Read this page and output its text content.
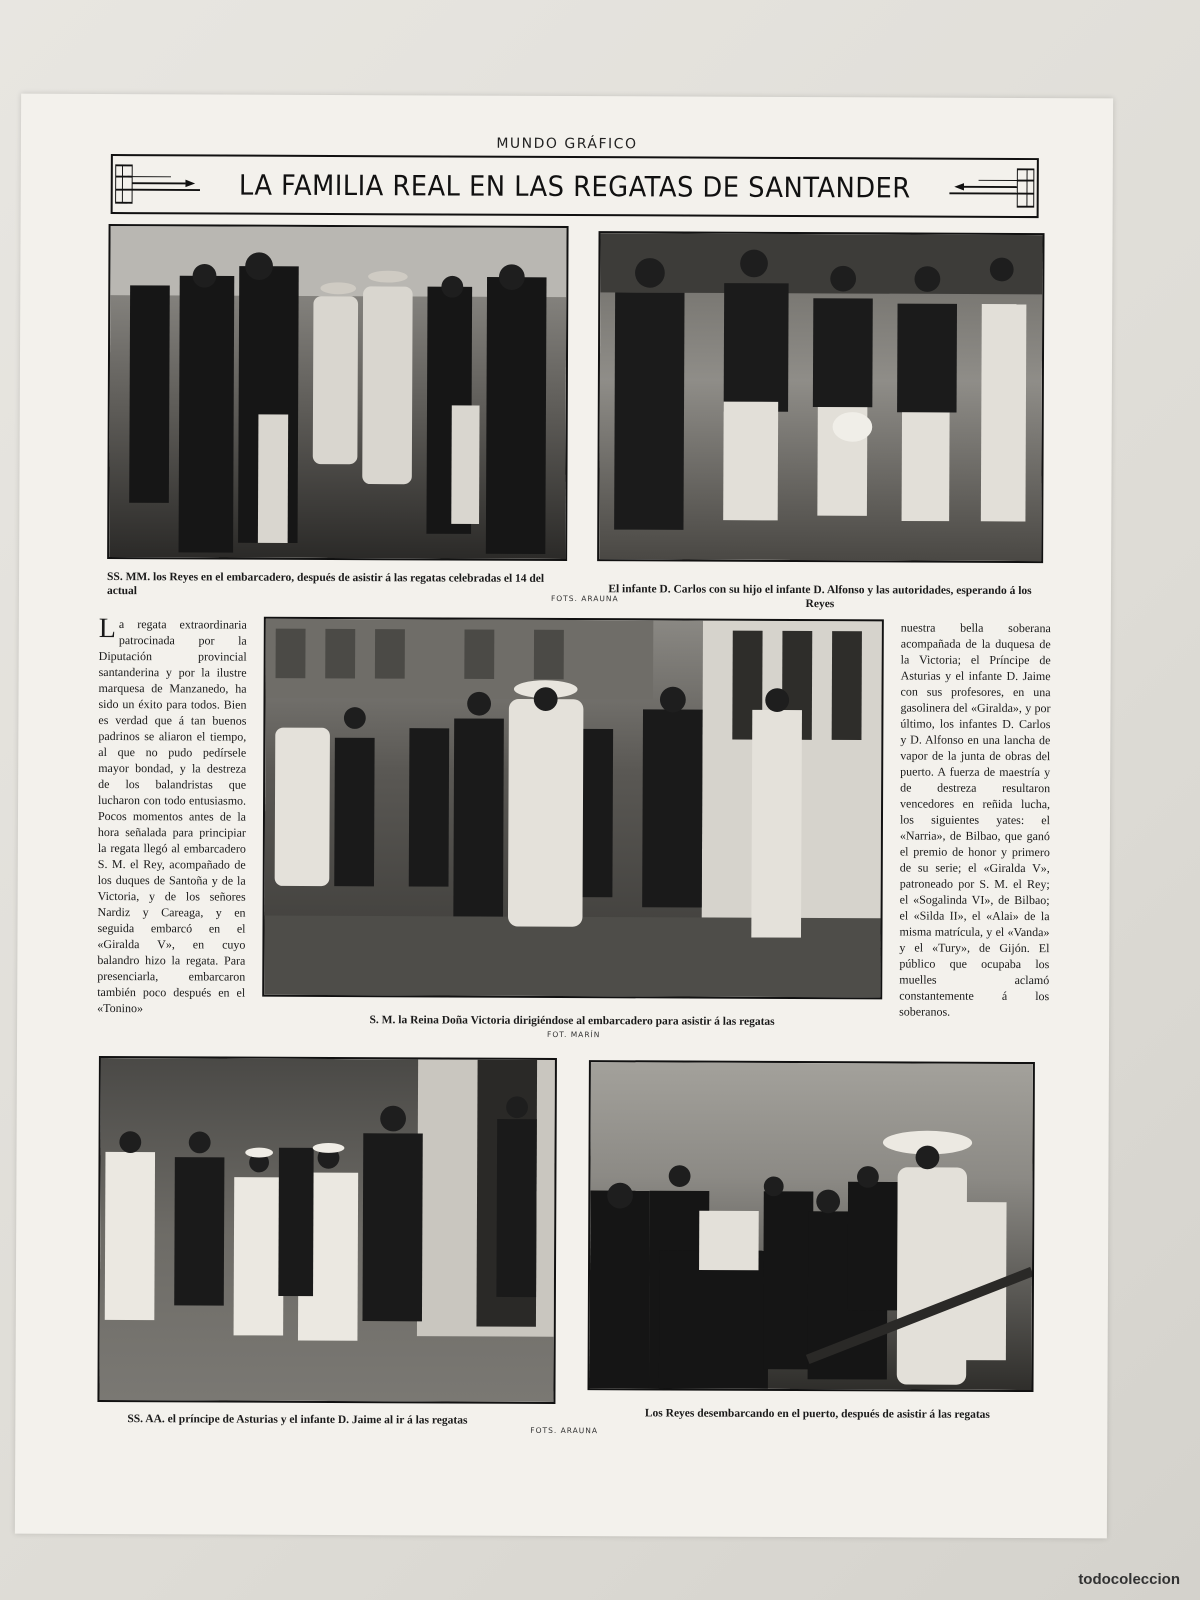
MUNDO GRÁFICO
LA FAMILIA REAL EN LAS REGATAS DE SANTANDER
SS. MM. los Reyes en el embarcadero, después de asistir á las regatas celebradas el 14 del actual
FOTS. ARAUNA
El infante D. Carlos con su hijo el infante D. Alfonso y las autoridades, esperando á los Reyes

La regata extraordinaria patrocinada por la Diputación provincial santanderina y por la ilustre marquesa de Manzanedo, ha sido un éxito para todos. Bien es verdad que á tan buenos padrinos se aliaron el tiempo, al que no pudo pedírsele mayor bondad, y la destreza de los balandristas que lucharon con todo entusiasmo. Pocos momentos antes de la hora señalada para principiar la regata llegó al embarcadero S. M. el Rey, acompañado de los duques de Santoña y de la Victoria, y de los señores Nardiz y Careaga, y en seguida embarcó en el «Giralda V», en cuyo balandro hizo la regata. Para presenciarla, embarcaron también poco después en el «Tonino»

nuestra bella soberana acompañada de la duquesa de la Victoria; el Príncipe de Asturias y el infante D. Jaime con sus profesores, en una gasolinera del «Giralda», y por último, los infantes D. Carlos y D. Alfonso en una lancha de vapor de la junta de obras del puerto. A fuerza de maestría y de destreza resultaron vencedores en reñida lucha, los siguientes yates: el «Narria», de Bilbao, que ganó el premio de honor y primero de su serie; el «Giralda V», patroneado por S. M. el Rey; el «Sogalinda VI», de Bilbao; el «Silda II», el «Alai» de la misma matrícula, y el «Vanda» y el «Tury», de Gijón. El público que ocupaba los muelles aclamó constantemente á los soberanos.

S. M. la Reina Doña Victoria dirigiéndose al embarcadero para asistir á las regatas
FOT. MARÍN
SS. AA. el príncipe de Asturias y el infante D. Jaime al ir á las regatas
FOTS. ARAUNA
Los Reyes desembarcando en el puerto, después de asistir á las regatas
todocoleccion
